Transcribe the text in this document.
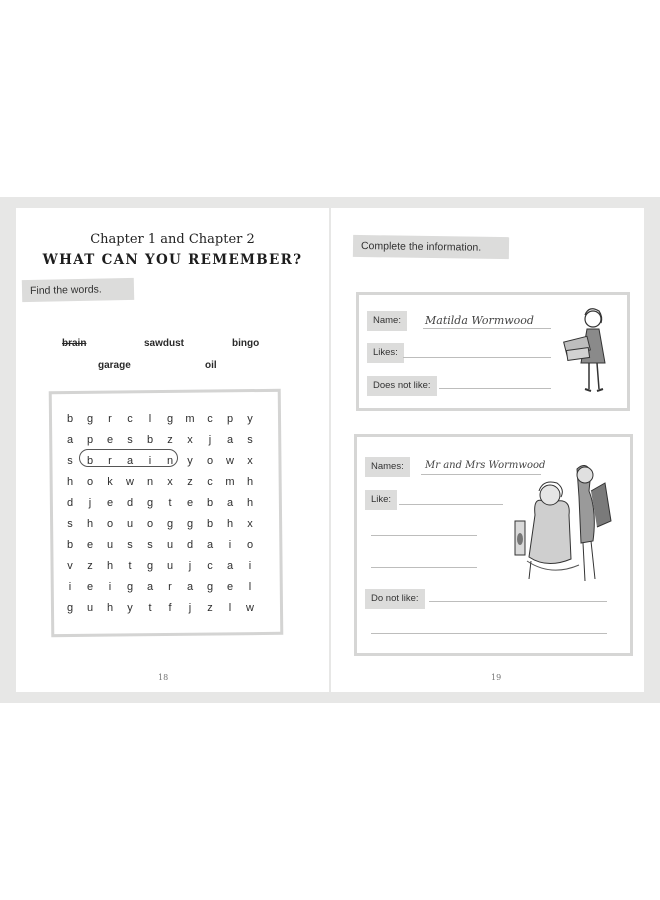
Chapter 1 and Chapter 2
WHAT CAN YOU REMEMBER?
Find the words.
brain	sawdust	bingo
garage	oil
b	g	r	c	l	g	m	c	p	y
a	p	e	s	b	z	x	j	a	s
s	b	r	a	i	n	y	o	w	x
h	o	k	w	n	x	z	c	m	h
d	j	e	d	g	t	e	b	a	h
s	h	o	u	o	g	g	b	h	x
b	e	u	s	s	u	d	a	i	o
v	z	h	t	g	u	j	c	a	i
i	e	i	g	a	r	a	g	e	l
g	u	h	y	t	f	j	z	l	w
18
Complete the information.
Name:	Matilda Wormwood
Likes:
Does not like:
Names:	Mr and Mrs Wormwood
Like:
Do not like:
19
